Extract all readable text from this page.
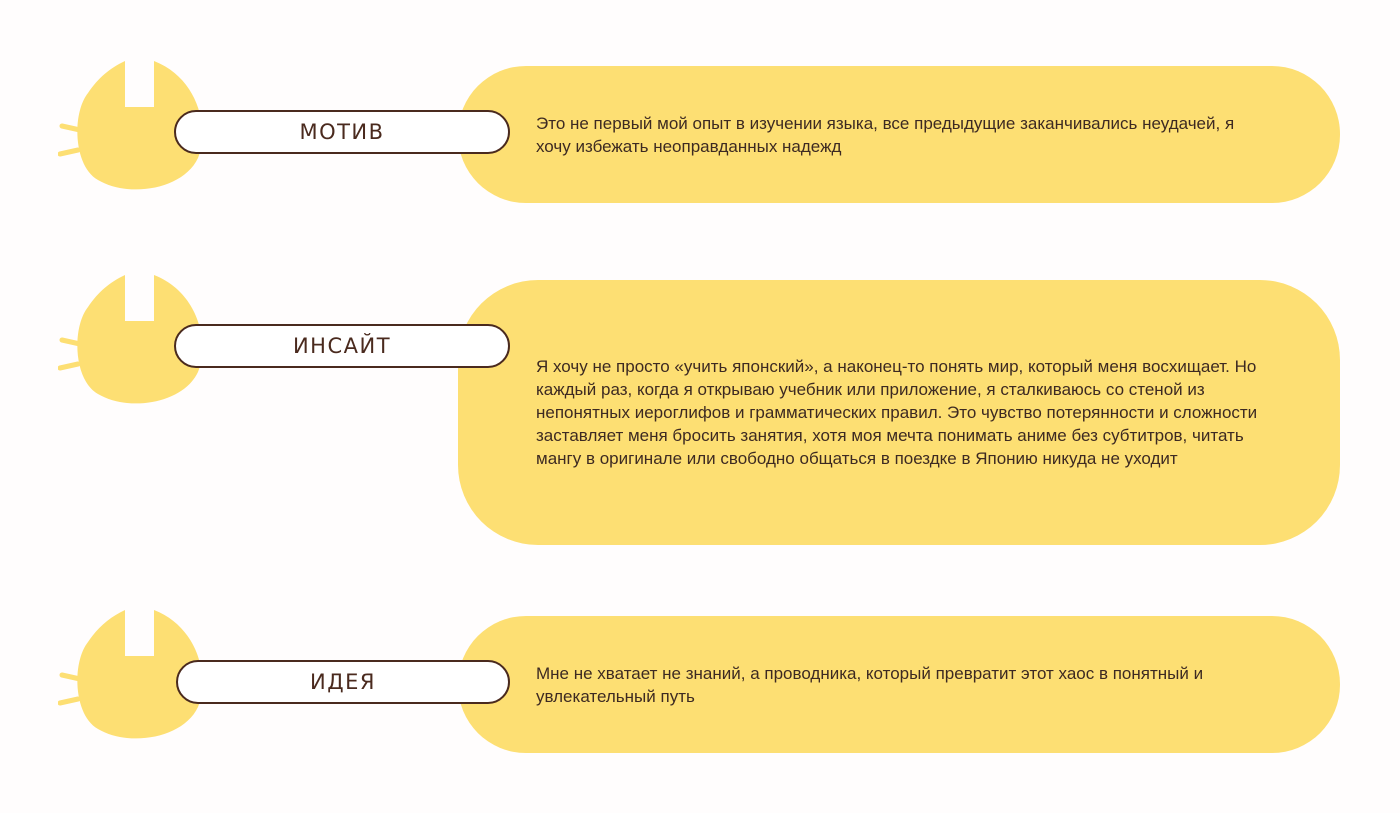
Это не первый мой опыт в изучении языка, все предыдущие заканчивались неудачей, я хочу избежать неоправданных надежд

МОТИВ

Я хочу не просто «учить японский», а наконец-то понять мир, который меня восхищает. Но каждый раз, когда я открываю учебник или приложение, я сталкиваюсь со стеной из непонятных иероглифов и грамматических правил. Это чувство потерянности и сложности заставляет меня бросить занятия, хотя моя мечта понимать аниме без субтитров, читать мангу в оригинале или свободно общаться в поездке в Японию никуда не уходит

ИНСАЙТ

Мне не хватает не знаний, а проводника, который превратит этот хаос в понятный и увлекательный путь

ИДЕЯ
